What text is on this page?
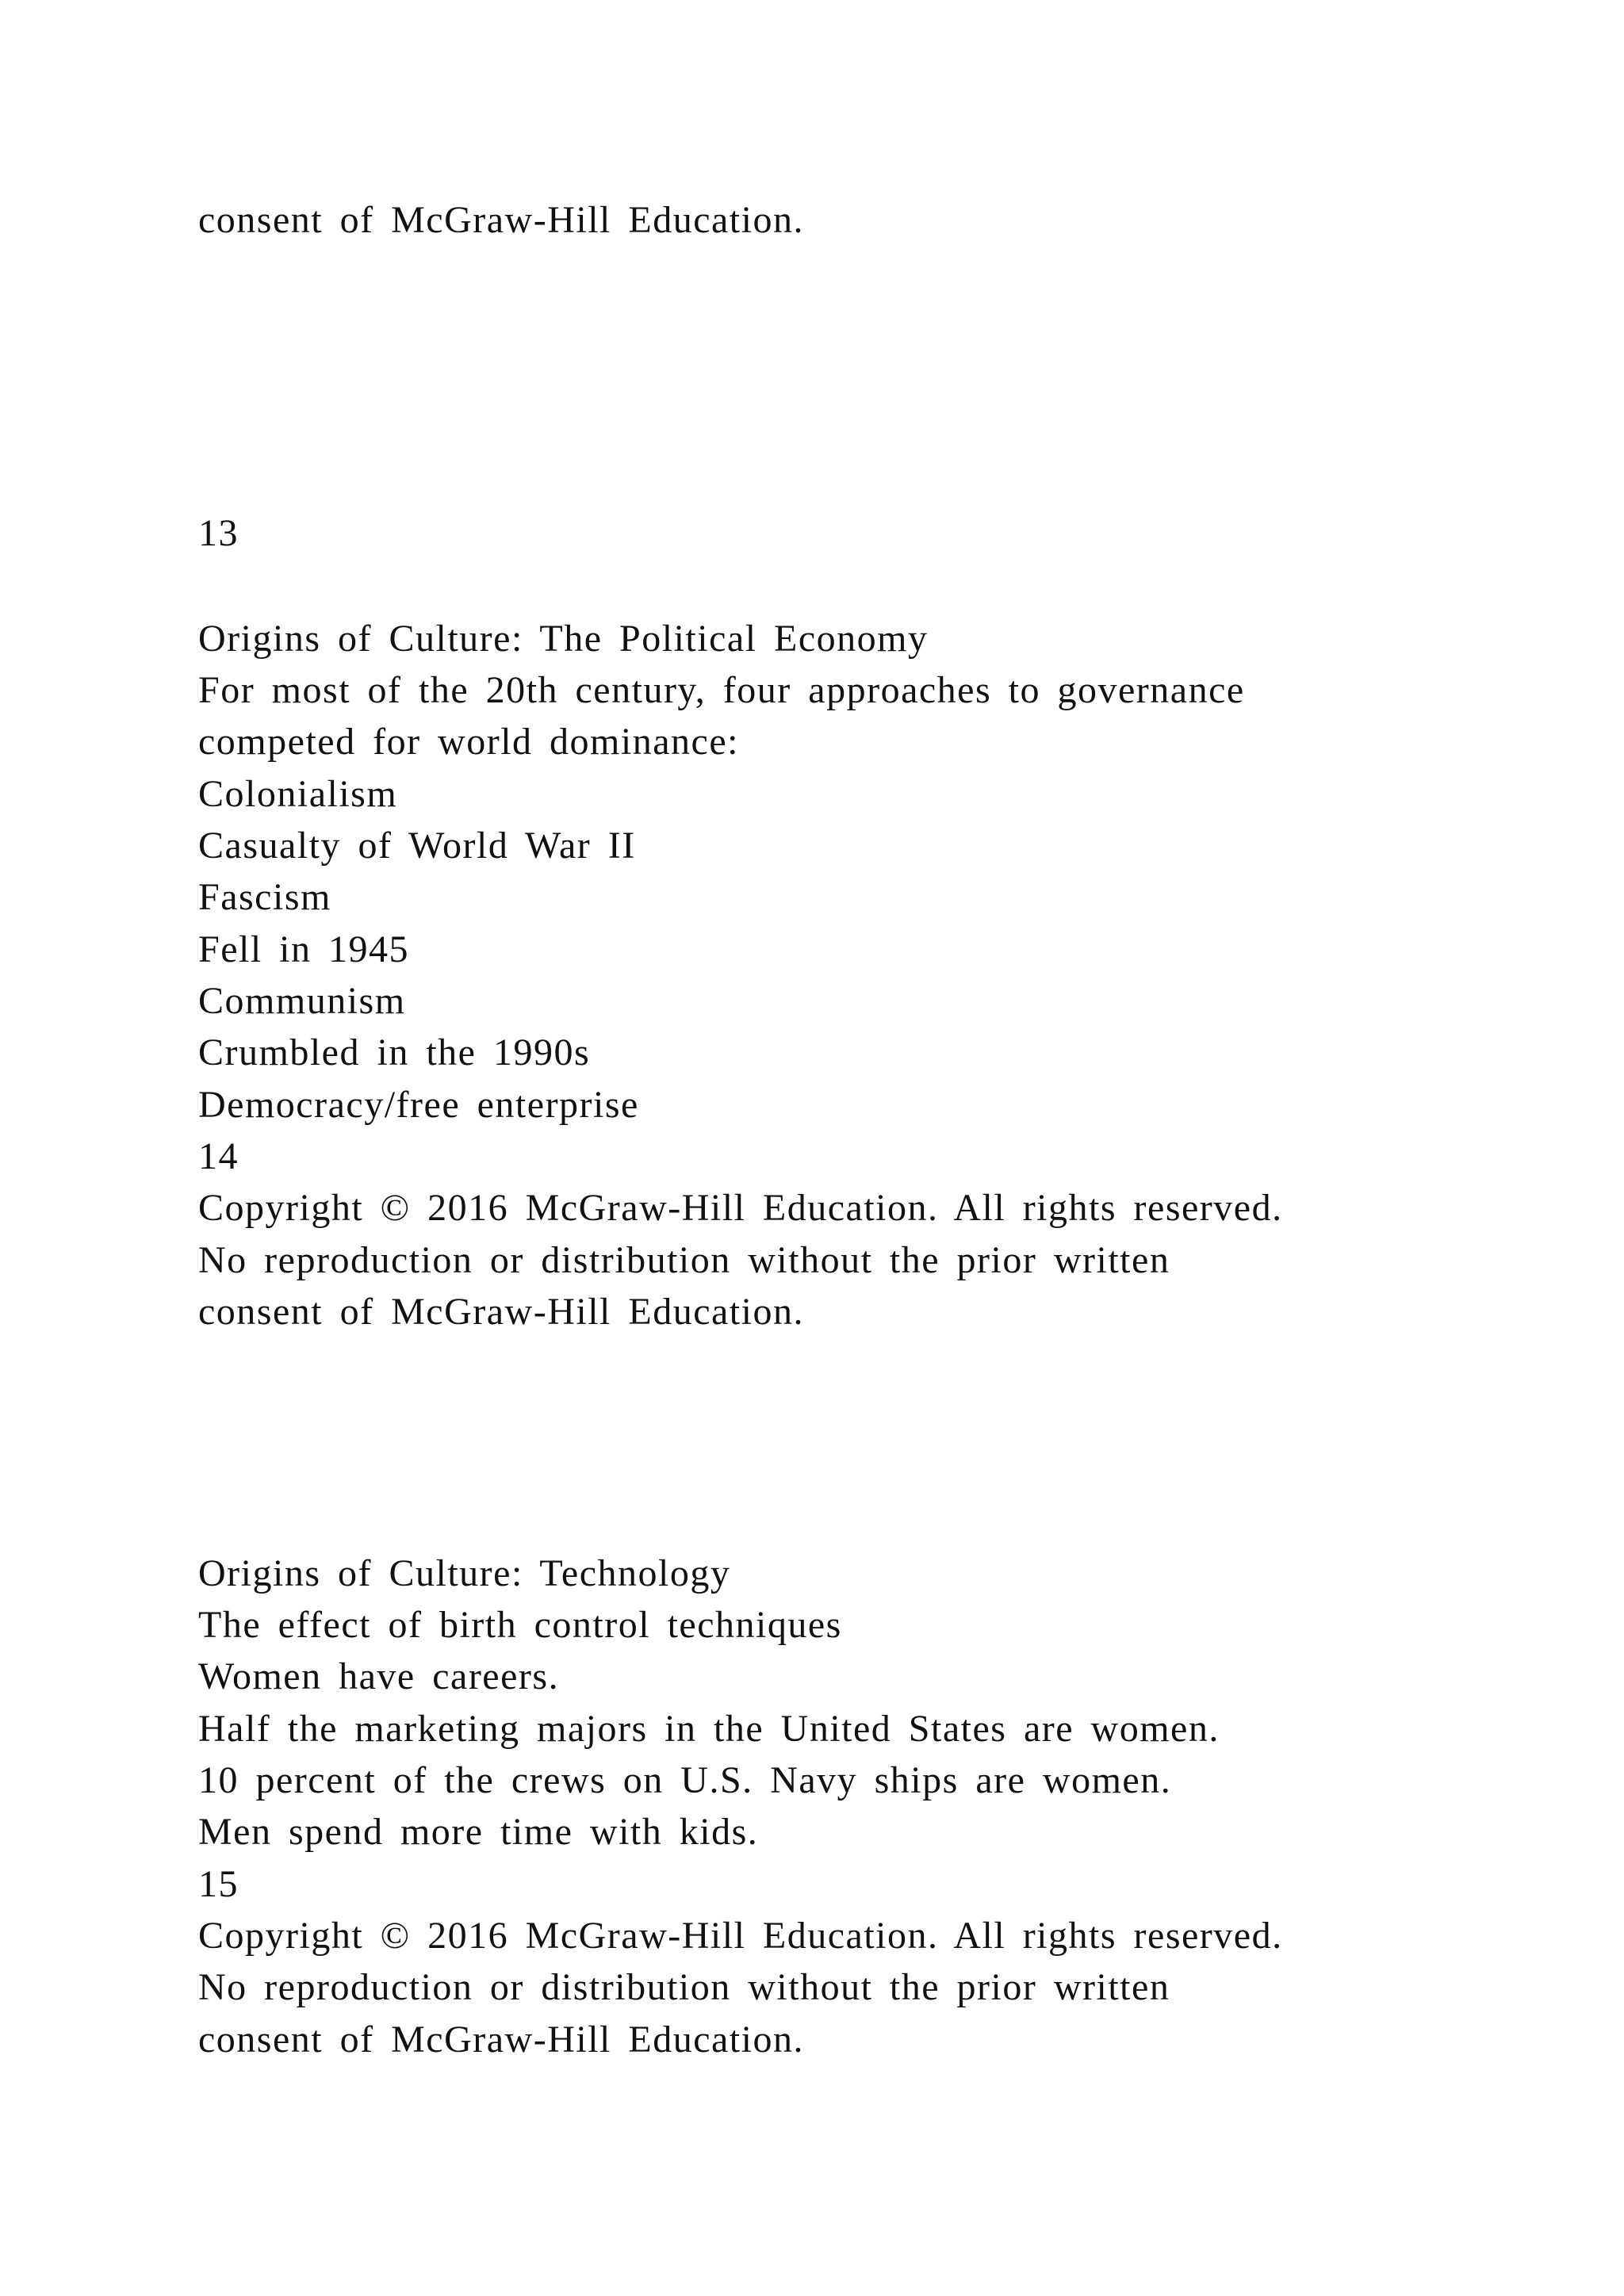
consent of McGraw-Hill Education.
13
Origins of Culture: The Political Economy
For most of the 20th century, four approaches to governance
competed for world dominance:
Colonialism
Casualty of World War II
Fascism
Fell in 1945
Communism
Crumbled in the 1990s
Democracy/free enterprise
14
Copyright © 2016 McGraw-Hill Education. All rights reserved.
No reproduction or distribution without the prior written
consent of McGraw-Hill Education.
Origins of Culture: Technology
The effect of birth control techniques
Women have careers.
Half the marketing majors in the United States are women.
10 percent of the crews on U.S. Navy ships are women.
Men spend more time with kids.
15
Copyright © 2016 McGraw-Hill Education. All rights reserved.
No reproduction or distribution without the prior written
consent of McGraw-Hill Education.
